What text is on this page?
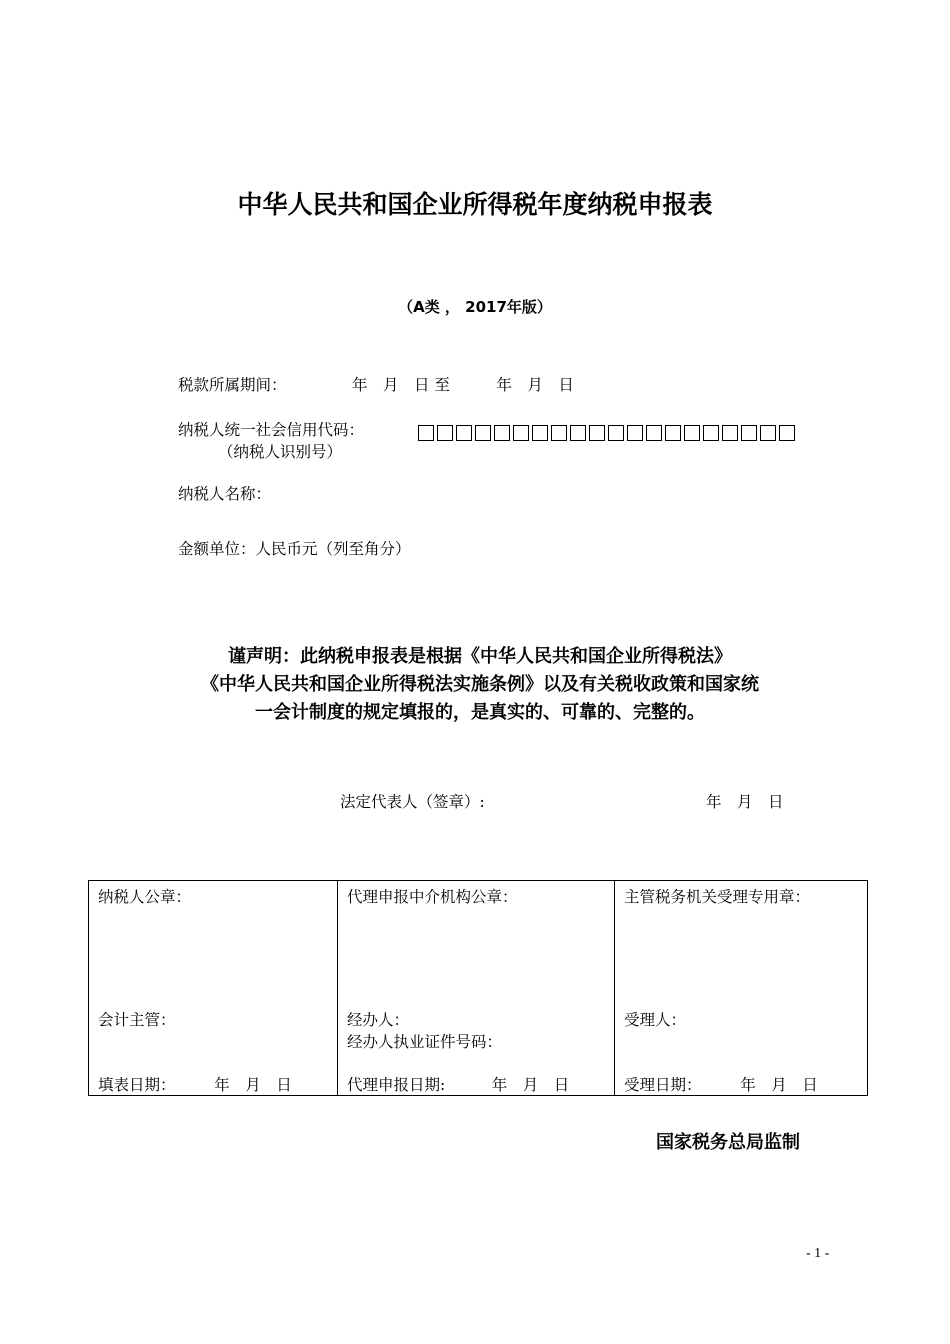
中华人民共和国企业所得税年度纳税申报表
（A类 ， 2017年版）
税款所属期间：	年　月　日 至　　　年　月　日
纳税人统一社会信用代码：
（纳税人识别号）
纳税人名称：
金额单位：人民币元（列至角分）
谨声明：此纳税申报表是根据《中华人民共和国企业所得税法》
《中华人民共和国企业所得税法实施条例》以及有关税收政策和国家统
一会计制度的规定填报的，是真实的、可靠的、完整的。
法定代表人（签章）:	年　月　日
纳税人公章：
会计主管：
填表日期：　　　年　月　日

代理申报中介机构公章：
经办人：
经办人执业证件号码：
代理申报日期:　　　年　月　日

主管税务机关受理专用章：
受理人：
受理日期：　　　年　月　日
国家税务总局监制
- 1 -
